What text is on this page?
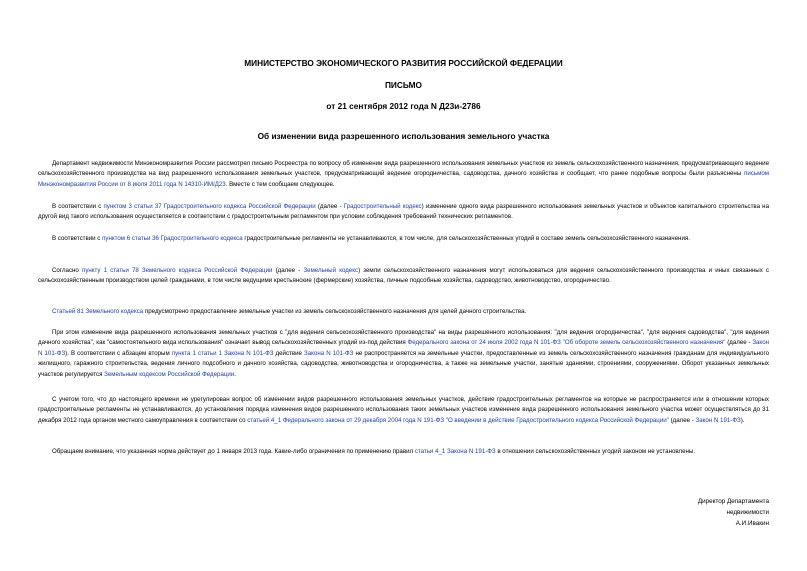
МИНИСТЕРСТВО ЭКОНОМИЧЕСКОГО РАЗВИТИЯ РОССИЙСКОЙ ФЕДЕРАЦИИ
ПИСЬМО
от 21 сентября 2012 года N Д23и-2786
Об изменении вида разрешенного использования земельного участка

Департамент недвижимости Минэкономразвития России рассмотрел письмо Росреестра по вопросу об изменении вида разрешенного использования земельных участков из земель сельскохозяйственного назначения, предусматривающего ведение сельскохозяйственного производства на вид разрешенного использования земельных участков, предусматривающий ведение огородничества, садоводства, дачного хозяйства и сообщает, что ранее подобные вопросы были разъяснены письмом Минэкономразвития России от 8 июля 2011 года N 14310-ИМ/Д23. Вместе с тем сообщаем следующее.

В соответствии с пунктом 3 статьи 37 Градостроительного кодекса Российской Федерации (далее - Градостроительный кодекс) изменение одного вида разрешенного использования земельных участков и объектов капитального строительства на другой вид такого использования осуществляется в соответствии с градостроительным регламентом при условии соблюдения требований технических регламентов.

В соответствии с пунктом 6 статьи 36 Градостроительного кодекса градостроительные регламенты не устанавливаются, в том числе, для сельскохозяйственных угодий в составе земель сельскохозяйственного назначения.

Согласно пункту 1 статьи 78 Земельного кодекса Российской Федерации (далее - Земельный кодекс) земли сельскохозяйственного назначения могут использоваться для ведения сельскохозяйственного производства и иных связанных с сельскохозяйственным производством целей гражданами, в том числе ведущими крестьянские (фермерские) хозяйства, личные подсобные хозяйства, садоводство, животноводство, огородничество.

Статьей 81 Земельного кодекса предусмотрено предоставление земельные участки из земель сельскохозяйственного назначения для целей дачного строительства.

При этом изменение вида разрешенного использования земельных участков с "для ведения сельскохозяйственного производства" на виды разрешенного использования: "для ведения огородничества", "для ведения садоводства", "для ведения дачного хозяйства", как "самостоятельного вида использования" означает вывод сельскохозяйственных угодий из-под действия Федерального закона от 24 июля 2002 года N 101-ФЗ "Об обороте земель сельскохозяйственного назначения" (далее - Закон N 101-ФЗ). В соответствии с абзацем вторым пункта 1 статьи 1 Закона N 101-ФЗ действие Закона N 101-ФЗ не распространяется на земельные участки, предоставленные из земель сельскохозяйственного назначения гражданам для индивидуального жилищного, гаражного строительства, ведения личного подсобного и дачного хозяйства, садоводства, животноводства и огородничества, а также на земельные участки, занятые зданиями, строениями, сооружениями. Оборот указанных земельных участков регулируется Земельным кодексом Российской Федерации.

С учетом того, что до настоящего времени не урегулирован вопрос об изменении видов разрешенного использования земельных участков, действие градостроительных регламентов на которые не распространяется или в отношении которых градостроительные регламенты не устанавливаются, до установления порядка изменения видов разрешенного использования таких земельных участков изменение вида разрешенного использования земельного участка может осуществляться до 31 декабря 2012 года органом местного самоуправления в соответствии со статьей 4_1 Федерального закона от 29 декабря 2004 года N 191-ФЗ "О введении в действие Градостроительного кодекса Российской Федерации" (далее - Закон N 191-ФЗ).

Обращаем внимание, что указанная норма действует до 1 января 2013 года. Какие-либо ограничения по применению правил статьи 4_1 Закона N 191-ФЗ в отношении сельскохозяйственных угодий законом не установлены.

Директор Департамента
недвижимости
А.И.Ивакин
